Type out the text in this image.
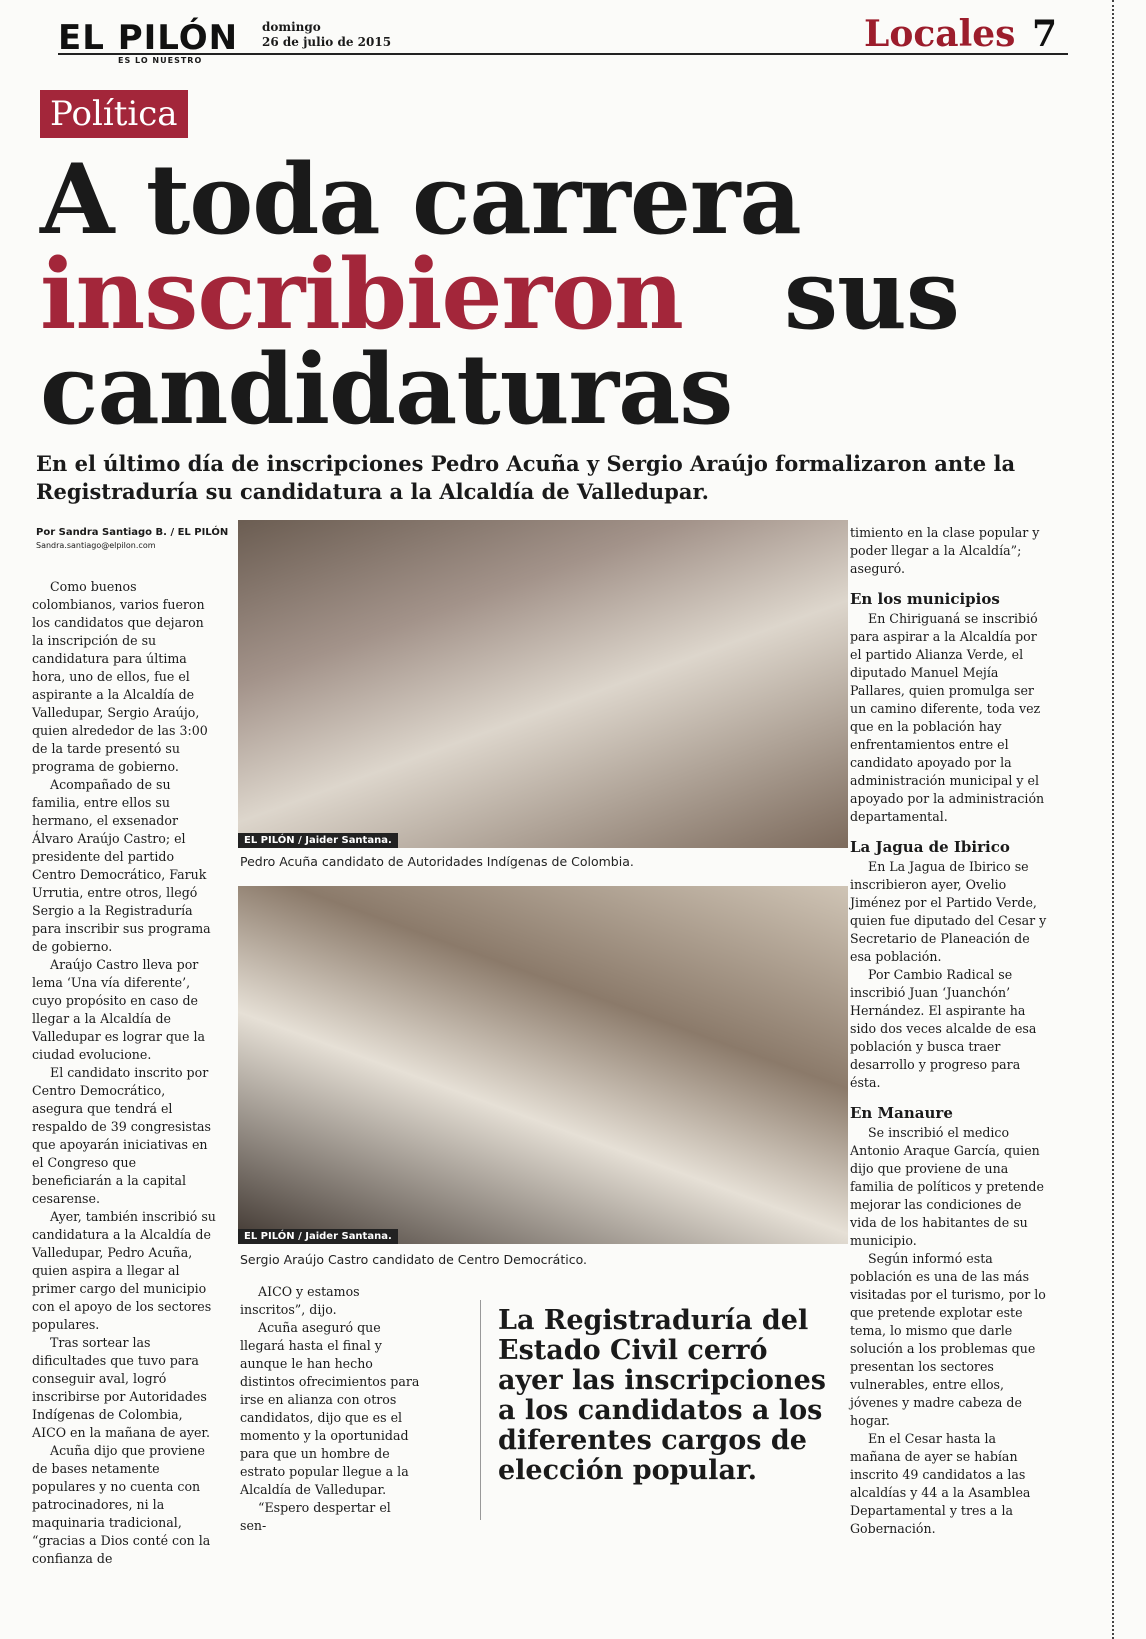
EL PILÓN
ES LO NUESTRO
domingo
26 de julio de 2015	Locales 7
Política
A toda carrera
inscribieron sus
candidaturas
En el último día de inscripciones Pedro Acuña y Sergio Araújo formalizaron ante la Registraduría su candidatura a la Alcaldía de Valledupar.
Por Sandra Santiago B. / EL PILÓN
Sandra.santiago@elpilon.com

Como buenos colombianos, varios fueron los candidatos que dejaron la inscripción de su candidatura para última hora, uno de ellos, fue el aspirante a la Alcaldía de Valledupar, Sergio Araújo, quien alrededor de las 3:00 de la tarde presentó su programa de gobierno.

Acompañado de su familia, entre ellos su hermano, el exsenador Álvaro Araújo Castro; el presidente del partido Centro Democrático, Faruk Urrutia, entre otros, llegó Sergio a la Registraduría para inscribir sus programa de gobierno.

Araújo Castro lleva por lema ‘Una vía diferente’, cuyo propósito en caso de llegar a la Alcaldía de Valledupar es lograr que la ciudad evolucione.

El candidato inscrito por Centro Democrático, asegura que tendrá el respaldo de 39 congresistas que apoyarán iniciativas en el Congreso que beneficiarán a la capital cesarense.

Ayer, también inscribió su candidatura a la Alcaldía de Valledupar, Pedro Acuña, quien aspira a llegar al primer cargo del municipio con el apoyo de los sectores populares.

Tras sortear las dificultades que tuvo para conseguir aval, logró inscribirse por Autoridades Indígenas de Colombia, AICO en la mañana de ayer.

Acuña dijo que proviene de bases netamente populares y no cuenta con patrocinadores, ni la maquinaria tradicional, “gracias a Dios conté con la confianza de

EL PILÓN / Jaider Santana.
Pedro Acuña candidato de Autoridades Indígenas de Colombia.
EL PILÓN / Jaider Santana.
Sergio Araújo Castro candidato de Centro Democrático.

AICO y estamos inscritos”, dijo.

Acuña aseguró que llegará hasta el final y aunque le han hecho distintos ofrecimientos para irse en alianza con otros candidatos, dijo que es el momento y la oportunidad para que un hombre de estrato popular llegue a la Alcaldía de Valledupar.

“Espero despertar el sen-

La Registraduría del Estado Civil cerró ayer las inscripciones a los candidatos a los diferentes cargos de elección popular.

timiento en la clase popular y poder llegar a la Alcaldía”; aseguró.

En los municipios

En Chiriguaná se inscribió para aspirar a la Alcaldía por el partido Alianza Verde, el diputado Manuel Mejía Pallares, quien promulga ser un camino diferente, toda vez que en la población hay enfrentamientos entre el candidato apoyado por la administración municipal y el apoyado por la administración departamental.

La Jagua de Ibirico

En La Jagua de Ibirico se inscribieron ayer, Ovelio Jiménez por el Partido Verde, quien fue diputado del Cesar y Secretario de Planeación de esa población.

Por Cambio Radical se inscribió Juan ‘Juanchón’ Hernández. El aspirante ha sido dos veces alcalde de esa población y busca traer desarrollo y progreso para ésta.

En Manaure

Se inscribió el medico Antonio Araque García, quien dijo que proviene de una familia de políticos y pretende mejorar las condiciones de vida de los habitantes de su municipio.

Según informó esta población es una de las más visitadas por el turismo, por lo que pretende explotar este tema, lo mismo que darle solución a los problemas que presentan los sectores vulnerables, entre ellos, jóvenes y madre cabeza de hogar.

En el Cesar hasta la mañana de ayer se habían inscrito 49 candidatos a las alcaldías y 44 a la Asamblea Departamental y tres a la Gobernación.
